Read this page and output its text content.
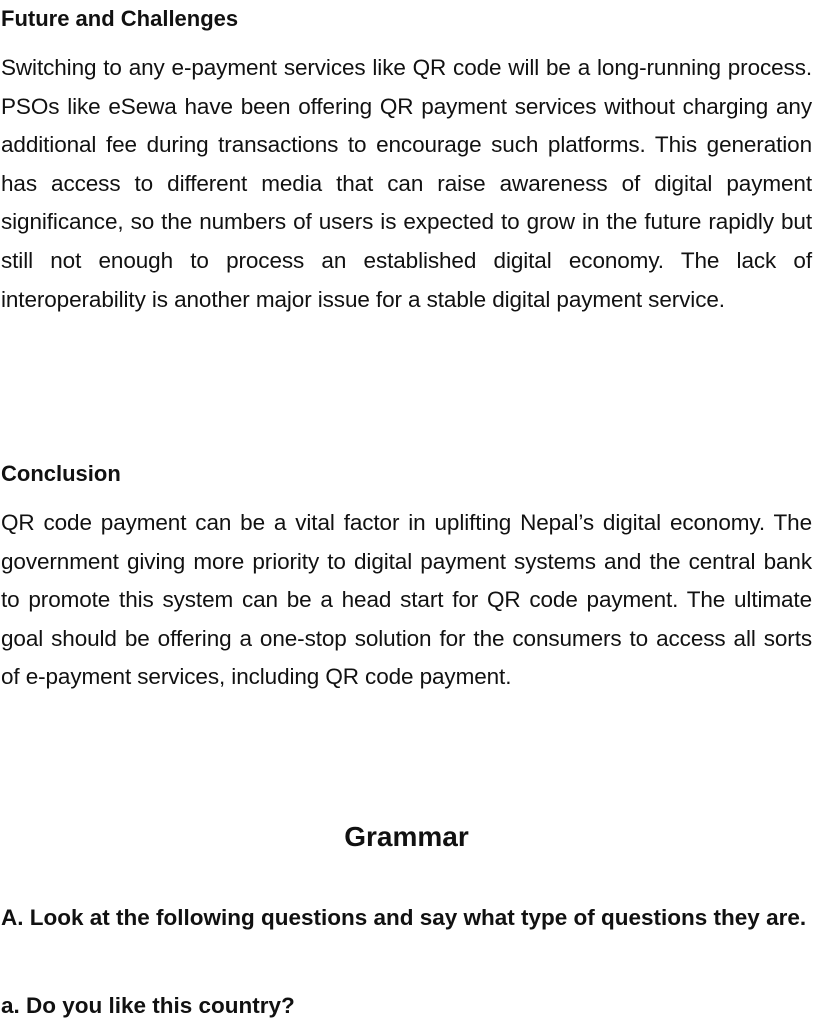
Future and Challenges

Switching to any e-payment services like QR code will be a long-running process. PSOs like eSewa have been offering QR payment services without charging any additional fee during transactions to encourage such platforms. This generation has access to different media that can raise awareness of digital payment significance, so the numbers of users is expected to grow in the future rapidly but still not enough to process an established digital economy. The lack of interoperability is another major issue for a stable digital payment service.

Conclusion

QR code payment can be a vital factor in uplifting Nepal’s digital economy. The government giving more priority to digital payment systems and the central bank to promote this system can be a head start for QR code payment. The ultimate goal should be offering a one-stop solution for the consumers to access all sorts of e-payment services, including QR code payment.

Grammar

A. Look at the following questions and say what type of questions they are.

a. Do you like this country?
